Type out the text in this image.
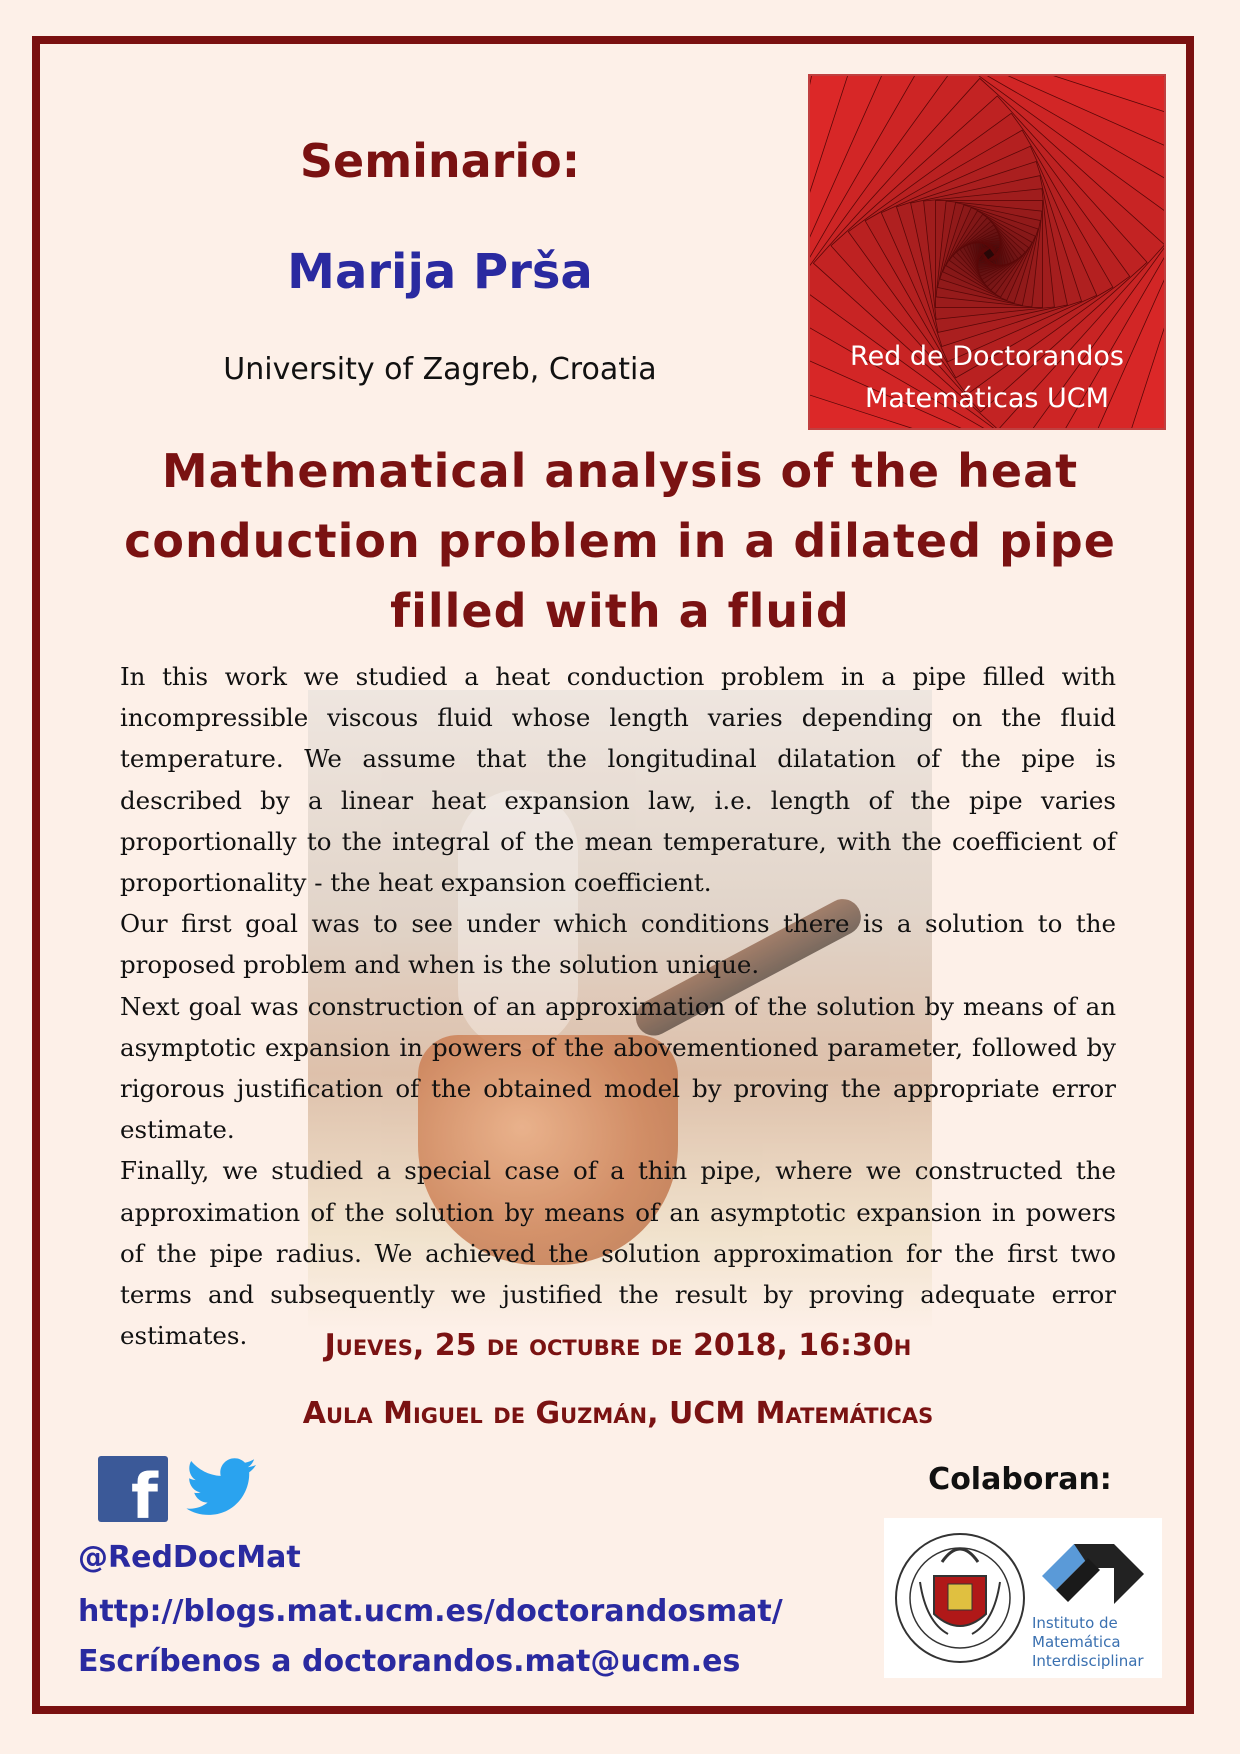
Seminario:
Marija Prša

University of Zagreb, Croatia	Red de Doctorandos
Matemáticas UCM
Mathematical analysis of the heat conduction problem in a dilated pipe filled with a fluid

In this work we studied a heat conduction problem in a pipe filled with incompressible viscous fluid whose length varies depending on the fluid temperature. We assume that the longitudinal dilatation of the pipe is described by a linear heat expansion law, i.e. length of the pipe varies proportionally to the integral of the mean temperature, with the coefficient of proportionality - the heat expansion coefficient.

Our first goal was to see under which conditions there is a solution to the proposed problem and when is the solution unique.

Next goal was construction of an approximation of the solution by means of an asymptotic expansion in powers of the abovementioned parameter, followed by rigorous justification of the obtained model by proving the appropriate error estimate.

Finally, we studied a special case of a thin pipe, where we constructed the approximation of the solution by means of an asymptotic expansion in powers of the pipe radius. We achieved the solution approximation for the first two terms and subsequently we justified the result by proving adequate error estimates.	Jueves, 25 de octubre de 2018, 16:30h

Aula Miguel de Guzmán, UCM Matemáticas

f

@RedDocMat

http://blogs.mat.ucm.es/doctorandosmat/

Escríbenos a doctorandos.mat@ucm.es

Colaboran:

Instituto de Matemática Interdisciplinar
